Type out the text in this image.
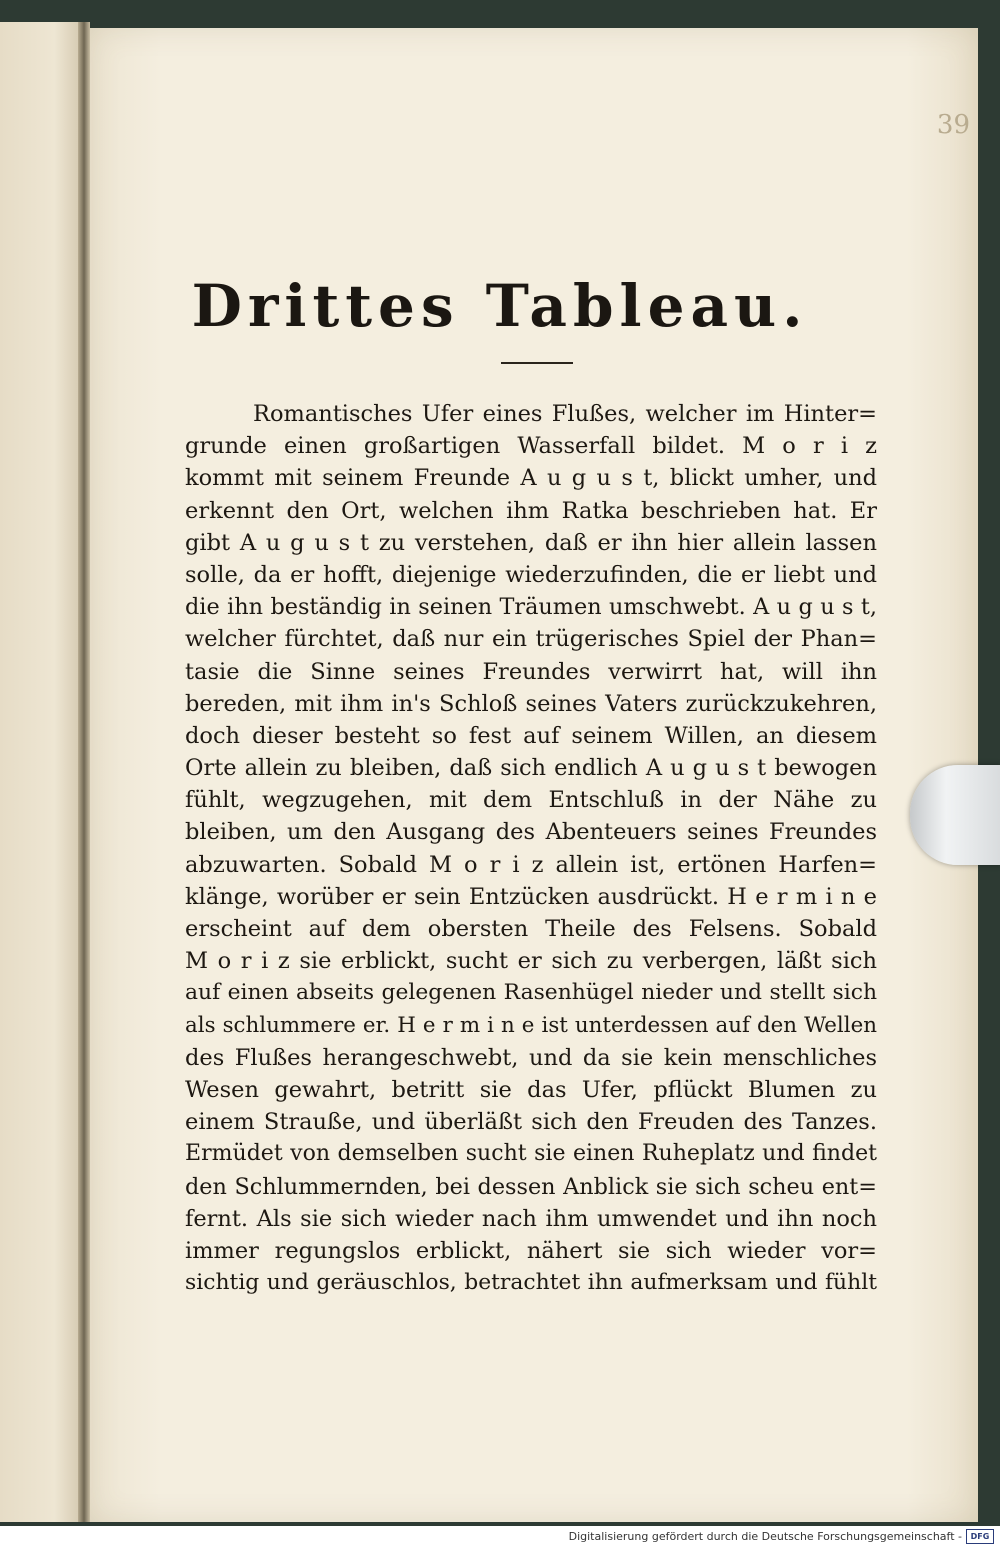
39
Drittes Tableau.
Romantisches Ufer eines Flußes, welcher im Hinter=
grunde einen großartigen Wasserfall bildet. M o r i z
kommt mit seinem Freunde A u g u s t, blickt umher, und
erkennt den Ort, welchen ihm Ratka beschrieben hat. Er
gibt A u g u s t zu verstehen, daß er ihn hier allein lassen
solle, da er hofft, diejenige wiederzufinden, die er liebt und
die ihn beständig in seinen Träumen umschwebt. A u g u s t,
welcher fürchtet, daß nur ein trügerisches Spiel der Phan=
tasie die Sinne seines Freundes verwirrt hat, will ihn
bereden, mit ihm in's Schloß seines Vaters zurückzukehren,
doch dieser besteht so fest auf seinem Willen, an diesem
Orte allein zu bleiben, daß sich endlich A u g u s t bewogen
fühlt, wegzugehen, mit dem Entschluß in der Nähe zu
bleiben, um den Ausgang des Abenteuers seines Freundes
abzuwarten. Sobald M o r i z allein ist, ertönen Harfen=
klänge, worüber er sein Entzücken ausdrückt. H e r m i n e
erscheint auf dem obersten Theile des Felsens. Sobald
M o r i z sie erblickt, sucht er sich zu verbergen, läßt sich
auf einen abseits gelegenen Rasenhügel nieder und stellt sich
als schlummere er. H e r m i n e ist unterdessen auf den Wellen
des Flußes herangeschwebt, und da sie kein menschliches
Wesen gewahrt, betritt sie das Ufer, pflückt Blumen zu
einem Strauße, und überläßt sich den Freuden des Tanzes.
Ermüdet von demselben sucht sie einen Ruheplatz und findet
den Schlummernden, bei dessen Anblick sie sich scheu ent=
fernt. Als sie sich wieder nach ihm umwendet und ihn noch
immer regungslos erblickt, nähert sie sich wieder vor=
sichtig und geräuschlos, betrachtet ihn aufmerksam und fühlt
Digitalisierung gefördert durch die Deutsche Forschungsgemeinschaft -	DFG
